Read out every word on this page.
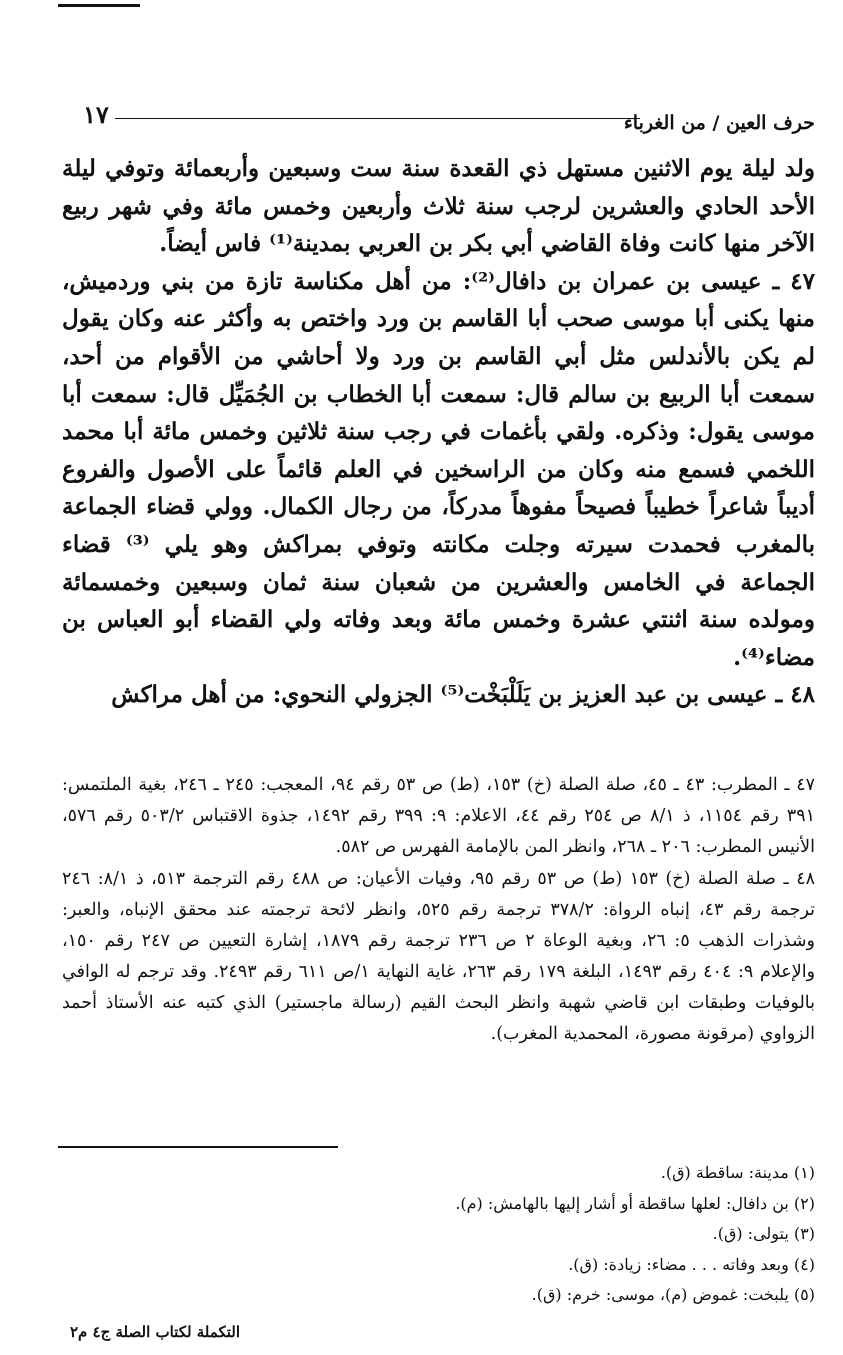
١٧	حرف العين / من الغرباء

ولد ليلة يوم الاثنين مستهل ذي القعدة سنة ست وسبعين وأربعمائة وتوفي ليلة الأحد الحادي والعشرين لرجب سنة ثلاث وأربعين وخمس مائة وفي شهر ربيع الآخر منها كانت وفاة القاضي أبي بكر بن العربي بمدينة⁽¹⁾ فاس أيضاً.

٤٧ ـ عيسى بن عمران بن دافال⁽²⁾: من أهل مكناسة تازة من بني وردميش، منها يكنى أبا موسى صحب أبا القاسم بن ورد واختص به وأكثر عنه وكان يقول لم يكن بالأندلس مثل أبي القاسم بن ورد ولا أحاشي من الأقوام من أحد، سمعت أبا الربيع بن سالم قال: سمعت أبا الخطاب بن الجُمَيِّل قال: سمعت أبا موسى يقول: وذكره. ولقي بأغمات في رجب سنة ثلاثين وخمس مائة أبا محمد اللخمي فسمع منه وكان من الراسخين في العلم قائماً على الأصول والفروع أديباً شاعراً خطيباً فصيحاً مفوهاً مدركاً، من رجال الكمال. وولي قضاء الجماعة بالمغرب فحمدت سيرته وجلت مكانته وتوفي بمراكش وهو يلي ⁽³⁾ قضاء الجماعة في الخامس والعشرين من شعبان سنة ثمان وسبعين وخمسمائة ومولده سنة اثنتي عشرة وخمس مائة وبعد وفاته ولي القضاء أبو العباس بن مضاء⁽⁴⁾.

٤٨ ـ عيسى بن عبد العزيز بن يَلَلْبَخْت⁽⁵⁾ الجزولي النحوي: من أهل مراكش

٤٧ ـ المطرب: ٤٣ ـ ٤٥، صلة الصلة (خ) ١٥٣، (ط) ص ٥٣ رقم ٩٤، المعجب: ٢٤٥ ـ ٢٤٦، بغية الملتمس: ٣٩١ رقم ١١٥٤، ذ ٨/١ ص ٢٥٤ رقم ٤٤، الاعلام: ٩: ٣٩٩ رقم ١٤٩٢، جذوة الاقتباس ٥٠٣/٢ رقم ٥٧٦، الأنيس المطرب: ٢٠٦ ـ ٢٦٨، وانظر المن بالإمامة الفهرس ص ٥٨٢.

٤٨ ـ صلة الصلة (خ) ١٥٣ (ط) ص ٥٣ رقم ٩٥، وفيات الأعيان: ص ٤٨٨ رقم الترجمة ٥١٣، ذ ٨/١: ٢٤٦ ترجمة رقم ٤٣، إنباه الرواة: ٣٧٨/٢ ترجمة رقم ٥٢٥، وانظر لائحة ترجمته عند محقق الإنباه، والعبر: وشذرات الذهب ٥: ٢٦، وبغية الوعاة ٢ ص ٢٣٦ ترجمة رقم ١٨٧٩، إشارة التعيين ص ٢٤٧ رقم ١٥٠، والإعلام ٩: ٤٠٤ رقم ١٤٩٣، البلغة ١٧٩ رقم ٢٦٣، غاية النهاية ١/ص ٦١١ رقم ٢٤٩٣. وقد ترجم له الوافي بالوفيات وطبقات ابن قاضي شهبة وانظر البحث القيم (رسالة ماجستير) الذي كتبه عنه الأستاذ أحمد الزواوي (مرقونة مصورة، المحمدية المغرب).

(١) مدينة: ساقطة (ق).
(٢) بن دافال: لعلها ساقطة أو أشار إليها بالهامش: (م).
(٣) يتولى: (ق).
(٤) وبعد وفاته . . . مضاء: زيادة: (ق).
(٥) يلبخت: غموض (م)، موسى: خرم: (ق).
التكملة لكتاب الصلة ج٤ م٢
